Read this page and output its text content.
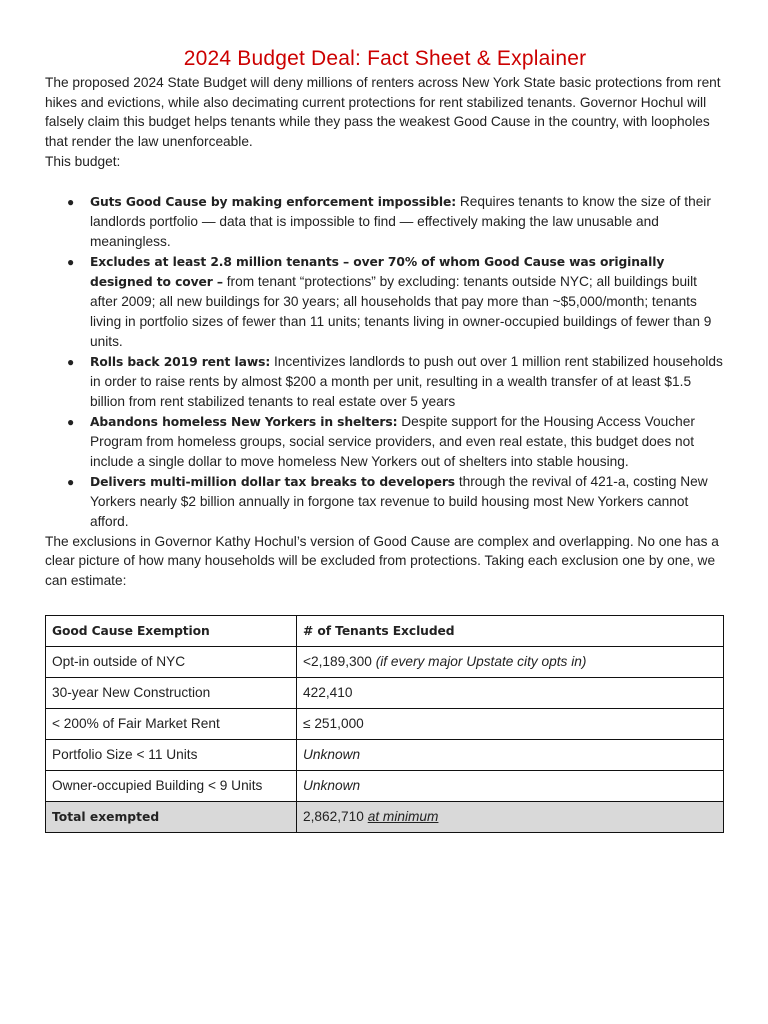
2024 Budget Deal: Fact Sheet & Explainer

The proposed 2024 State Budget will deny millions of renters across New York State basic protections from rent hikes and evictions, while also decimating current protections for rent stabilized tenants. Governor Hochul will falsely claim this budget helps tenants while they pass the weakest Good Cause in the country, with loopholes that render the law unenforceable.

This budget:

● Guts Good Cause by making enforcement impossible: Requires tenants to know the size of their landlords portfolio — data that is impossible to find — effectively making the law unusable and meaningless.
● Excludes at least 2.8 million tenants – over 70% of whom Good Cause was originally designed to cover – from tenant “protections” by excluding: tenants outside NYC; all buildings built after 2009; all new buildings for 30 years; all households that pay more than ~$5,000/month; tenants living in portfolio sizes of fewer than 11 units; tenants living in owner-occupied buildings of fewer than 9 units.
● Rolls back 2019 rent laws: Incentivizes landlords to push out over 1 million rent stabilized households in order to raise rents by almost $200 a month per unit, resulting in a wealth transfer of at least $1.5 billion from rent stabilized tenants to real estate over 5 years
● Abandons homeless New Yorkers in shelters: Despite support for the Housing Access Voucher Program from homeless groups, social service providers, and even real estate, this budget does not include a single dollar to move homeless New Yorkers out of shelters into stable housing.
● Delivers multi-million dollar tax breaks to developers through the revival of 421-a, costing New Yorkers nearly $2 billion annually in forgone tax revenue to build housing most New Yorkers cannot afford.

The exclusions in Governor Kathy Hochul’s version of Good Cause are complex and overlapping. No one has a clear picture of how many households will be excluded from protections. Taking each exclusion one by one, we can estimate:

Good Cause Exemption	# of Tenants Excluded
Opt-in outside of NYC	<2,189,300 (if every major Upstate city opts in)
30-year New Construction	422,410
< 200% of Fair Market Rent	≤ 251,000
Portfolio Size < 11 Units	Unknown
Owner-occupied Building < 9 Units	Unknown
Total exempted	2,862,710 at minimum
